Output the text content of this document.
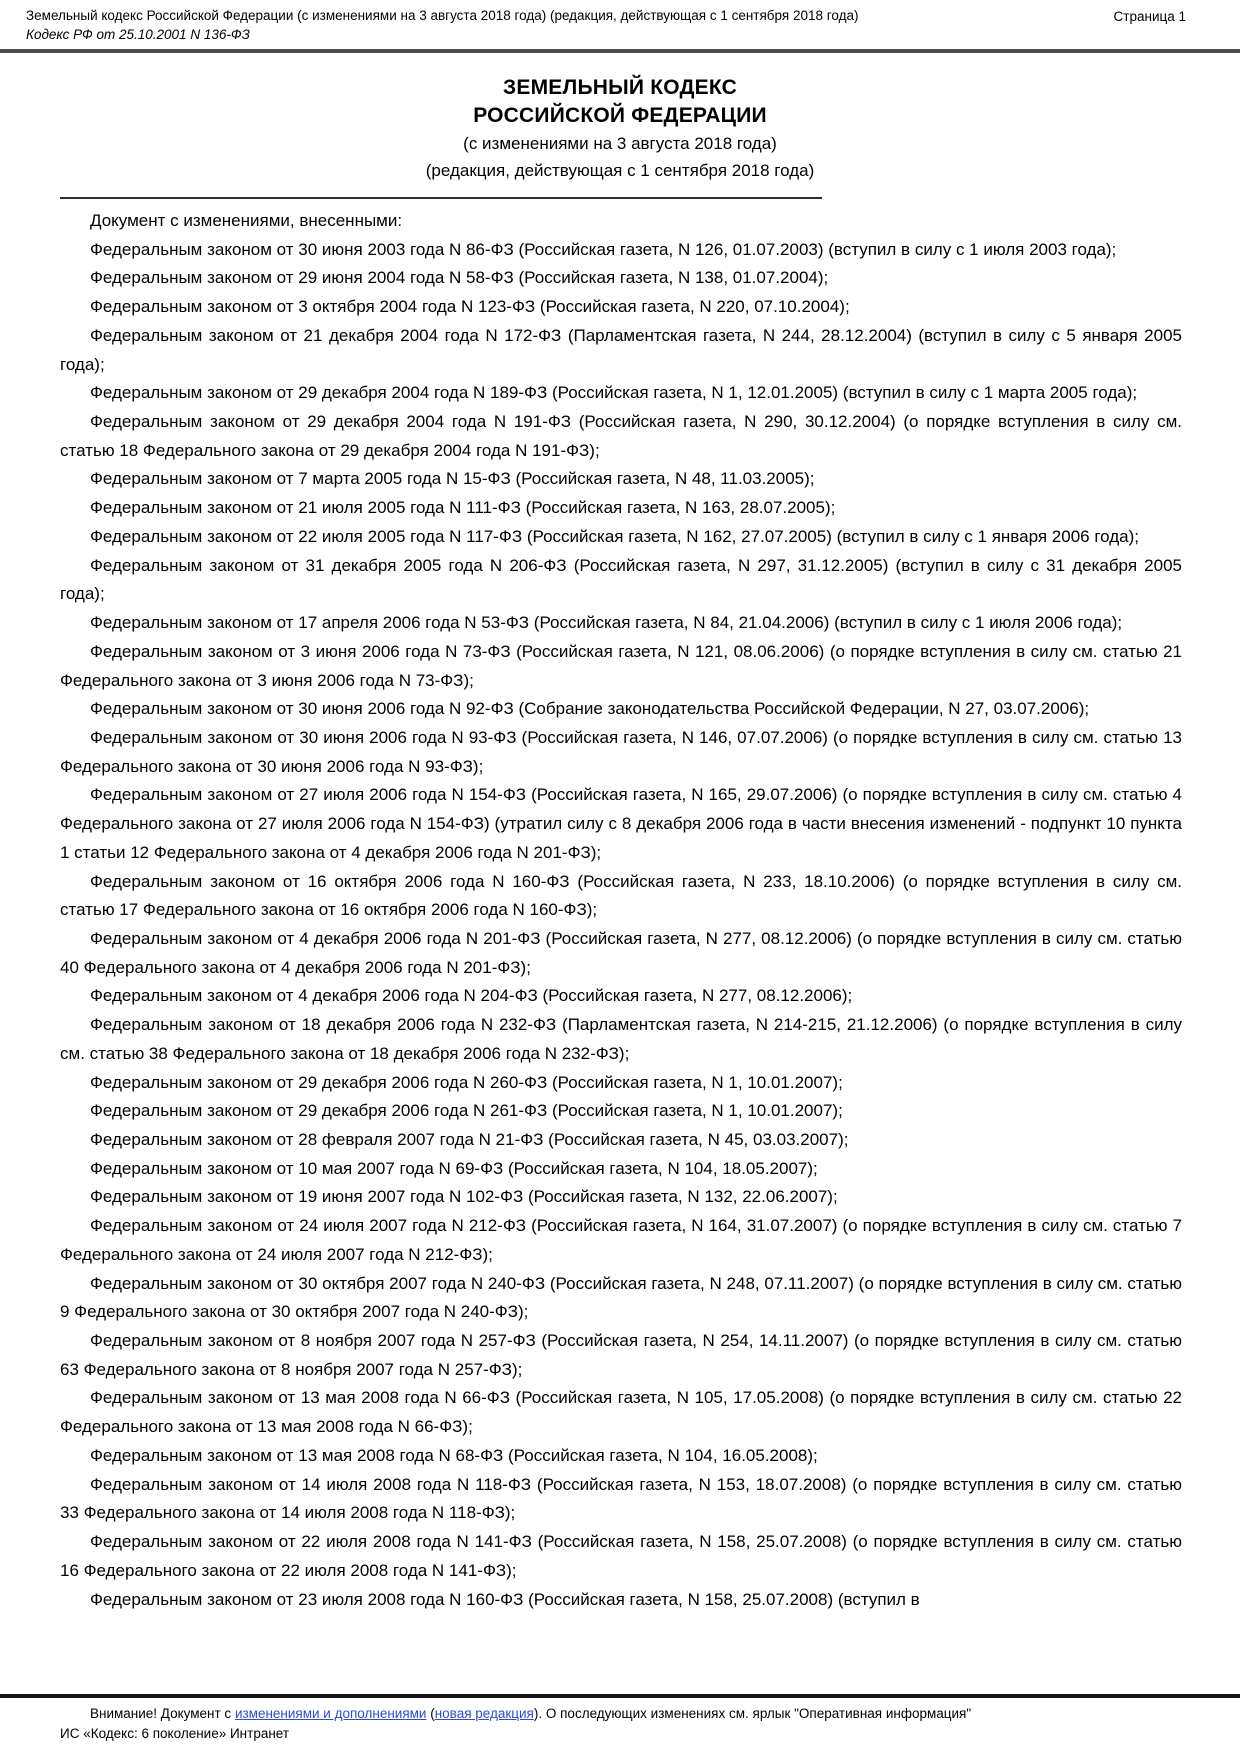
Земельный кодекс Российской Федерации (с изменениями на 3 августа 2018 года) (редакция, действующая с 1 сентября 2018 года)	Страница 1
Кодекс РФ от 25.10.2001 N 136-ФЗ
ЗЕМЕЛЬНЫЙ КОДЕКС
РОССИЙСКОЙ ФЕДЕРАЦИИ
(с изменениями на 3 августа 2018 года)
(редакция, действующая с 1 сентября 2018 года)

Документ с изменениями, внесенными:

Федеральным законом от 30 июня 2003 года N 86-ФЗ (Российская газета, N 126, 01.07.2003) (вступил в силу с 1 июля 2003 года);

Федеральным законом от 29 июня 2004 года N 58-ФЗ (Российская газета, N 138, 01.07.2004);

Федеральным законом от 3 октября 2004 года N 123-ФЗ (Российская газета, N 220, 07.10.2004);

Федеральным законом от 21 декабря 2004 года N 172-ФЗ (Парламентская газета, N 244, 28.12.2004) (вступил в силу с 5 января 2005 года);

Федеральным законом от 29 декабря 2004 года N 189-ФЗ (Российская газета, N 1, 12.01.2005) (вступил в силу с 1 марта 2005 года);

Федеральным законом от 29 декабря 2004 года N 191-ФЗ (Российская газета, N 290, 30.12.2004) (о порядке вступления в силу см. статью 18 Федерального закона от 29 декабря 2004 года N 191-ФЗ);

Федеральным законом от 7 марта 2005 года N 15-ФЗ (Российская газета, N 48, 11.03.2005);

Федеральным законом от 21 июля 2005 года N 111-ФЗ (Российская газета, N 163, 28.07.2005);

Федеральным законом от 22 июля 2005 года N 117-ФЗ (Российская газета, N 162, 27.07.2005) (вступил в силу с 1 января 2006 года);

Федеральным законом от 31 декабря 2005 года N 206-ФЗ (Российская газета, N 297, 31.12.2005) (вступил в силу с 31 декабря 2005 года);

Федеральным законом от 17 апреля 2006 года N 53-ФЗ (Российская газета, N 84, 21.04.2006) (вступил в силу с 1 июля 2006 года);

Федеральным законом от 3 июня 2006 года N 73-ФЗ (Российская газета, N 121, 08.06.2006) (о порядке вступления в силу см. статью 21 Федерального закона от 3 июня 2006 года N 73-ФЗ);

Федеральным законом от 30 июня 2006 года N 92-ФЗ (Собрание законодательства Российской Федерации, N 27, 03.07.2006);

Федеральным законом от 30 июня 2006 года N 93-ФЗ (Российская газета, N 146, 07.07.2006) (о порядке вступления в силу см. статью 13 Федерального закона от 30 июня 2006 года N 93-ФЗ);

Федеральным законом от 27 июля 2006 года N 154-ФЗ (Российская газета, N 165, 29.07.2006) (о порядке вступления в силу см. статью 4 Федерального закона от 27 июля 2006 года N 154-ФЗ) (утратил силу с 8 декабря 2006 года в части внесения изменений - подпункт 10 пункта 1 статьи 12 Федерального закона от 4 декабря 2006 года N 201-ФЗ);

Федеральным законом от 16 октября 2006 года N 160-ФЗ (Российская газета, N 233, 18.10.2006) (о порядке вступления в силу см. статью 17 Федерального закона от 16 октября 2006 года N 160-ФЗ);

Федеральным законом от 4 декабря 2006 года N 201-ФЗ (Российская газета, N 277, 08.12.2006) (о порядке вступления в силу см. статью 40 Федерального закона от 4 декабря 2006 года N 201-ФЗ);

Федеральным законом от 4 декабря 2006 года N 204-ФЗ (Российская газета, N 277, 08.12.2006);

Федеральным законом от 18 декабря 2006 года N 232-ФЗ (Парламентская газета, N 214-215, 21.12.2006) (о порядке вступления в силу см. статью 38 Федерального закона от 18 декабря 2006 года N 232-ФЗ);

Федеральным законом от 29 декабря 2006 года N 260-ФЗ (Российская газета, N 1, 10.01.2007);

Федеральным законом от 29 декабря 2006 года N 261-ФЗ (Российская газета, N 1, 10.01.2007);

Федеральным законом от 28 февраля 2007 года N 21-ФЗ (Российская газета, N 45, 03.03.2007);

Федеральным законом от 10 мая 2007 года N 69-ФЗ (Российская газета, N 104, 18.05.2007);

Федеральным законом от 19 июня 2007 года N 102-ФЗ (Российская газета, N 132, 22.06.2007);

Федеральным законом от 24 июля 2007 года N 212-ФЗ (Российская газета, N 164, 31.07.2007) (о порядке вступления в силу см. статью 7 Федерального закона от 24 июля 2007 года N 212-ФЗ);

Федеральным законом от 30 октября 2007 года N 240-ФЗ (Российская газета, N 248, 07.11.2007) (о порядке вступления в силу см. статью 9 Федерального закона от 30 октября 2007 года N 240-ФЗ);

Федеральным законом от 8 ноября 2007 года N 257-ФЗ (Российская газета, N 254, 14.11.2007) (о порядке вступления в силу см. статью 63 Федерального закона от 8 ноября 2007 года N 257-ФЗ);

Федеральным законом от 13 мая 2008 года N 66-ФЗ (Российская газета, N 105, 17.05.2008) (о порядке вступления в силу см. статью 22 Федерального закона от 13 мая 2008 года N 66-ФЗ);

Федеральным законом от 13 мая 2008 года N 68-ФЗ (Российская газета, N 104, 16.05.2008);

Федеральным законом от 14 июля 2008 года N 118-ФЗ (Российская газета, N 153, 18.07.2008) (о порядке вступления в силу см. статью 33 Федерального закона от 14 июля 2008 года N 118-ФЗ);

Федеральным законом от 22 июля 2008 года N 141-ФЗ (Российская газета, N 158, 25.07.2008) (о порядке вступления в силу см. статью 16 Федерального закона от 22 июля 2008 года N 141-ФЗ);

Федеральным законом от 23 июля 2008 года N 160-ФЗ (Российская газета, N 158, 25.07.2008) (вступил в

Внимание! Документ с изменениями и дополнениями (новая редакция). О последующих изменениях см. ярлык "Оперативная информация"
ИС «Кодекс: 6 поколение» Интранет
